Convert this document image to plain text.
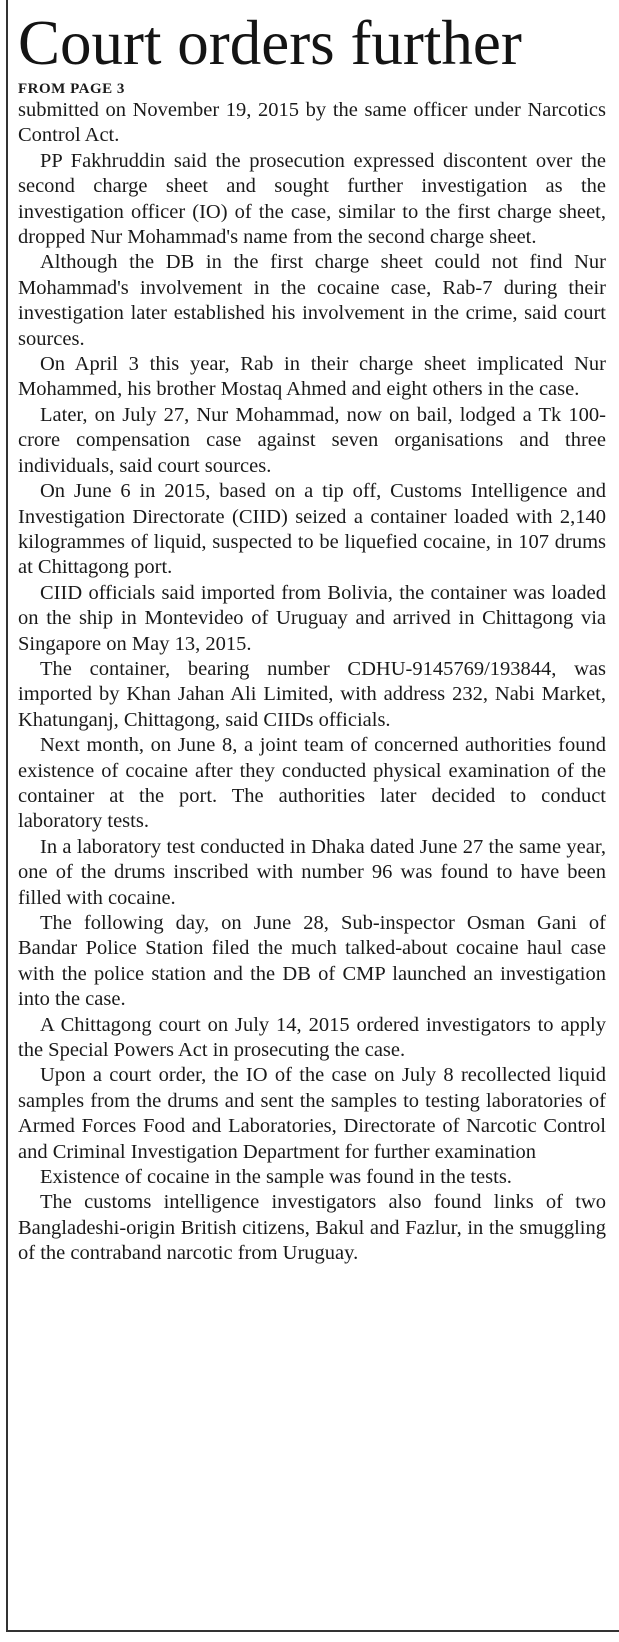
Court orders further
FROM PAGE 3

submitted on November 19, 2015 by the same officer under Narcotics Control Act.

PP Fakhruddin said the prosecution expressed discontent over the second charge sheet and sought further investigation as the investigation officer (IO) of the case, similar to the first charge sheet, dropped Nur Mohammad's name from the second charge sheet.

Although the DB in the first charge sheet could not find Nur Mohammad's involvement in the cocaine case, Rab-7 during their investigation later established his involvement in the crime, said court sources.

On April 3 this year, Rab in their charge sheet implicated Nur Mohammed, his brother Mostaq Ahmed and eight others in the case.

Later, on July 27, Nur Mohammad, now on bail, lodged a Tk 100-crore compensation case against seven organisations and three individuals, said court sources.

On June 6 in 2015, based on a tip off, Customs Intelligence and Investigation Directorate (CIID) seized a container loaded with 2,140 kilogrammes of liquid, suspected to be liquefied cocaine, in 107 drums at Chittagong port.

CIID officials said imported from Bolivia, the container was loaded on the ship in Montevideo of Uruguay and arrived in Chittagong via Singapore on May 13, 2015.

The container, bearing number CDHU-9145769/193844, was imported by Khan Jahan Ali Limited, with address 232, Nabi Market, Khatunganj, Chittagong, said CIIDs officials.

Next month, on June 8, a joint team of concerned authorities found existence of cocaine after they conducted physical examination of the container at the port. The authorities later decided to conduct laboratory tests.

In a laboratory test conducted in Dhaka dated June 27 the same year, one of the drums inscribed with number 96 was found to have been filled with cocaine.

The following day, on June 28, Sub-inspector Osman Gani of Bandar Police Station filed the much talked-about cocaine haul case with the police station and the DB of CMP launched an investigation into the case.

A Chittagong court on July 14, 2015 ordered investigators to apply the Special Powers Act in prosecuting the case.

Upon a court order, the IO of the case on July 8 recollected liquid samples from the drums and sent the samples to testing laboratories of Armed Forces Food and Laboratories, Directorate of Narcotic Control and Criminal Investigation Department for further examination

Existence of cocaine in the sample was found in the tests.

The customs intelligence investigators also found links of two Bangladeshi-origin British citizens, Bakul and Fazlur, in the smuggling of the contraband narcotic from Uruguay.
